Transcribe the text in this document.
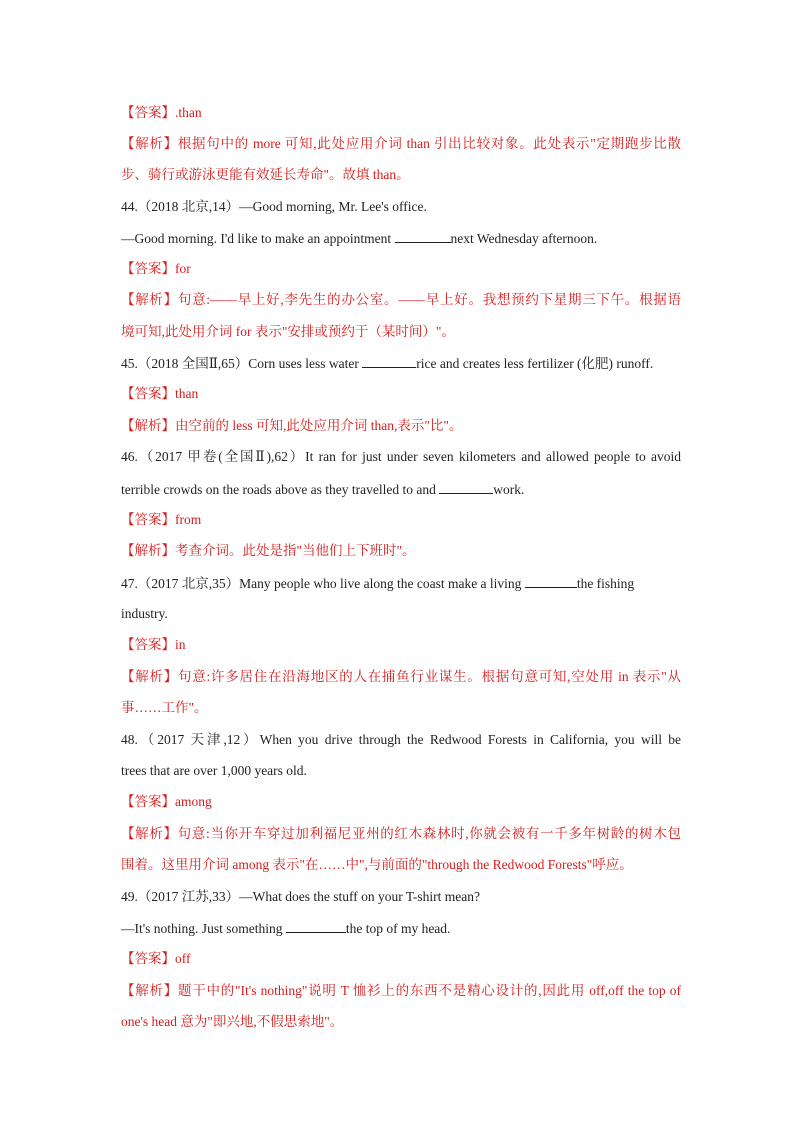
【答案】.than
【解析】根据句中的 more 可知,此处应用介词 than 引出比较对象。此处表示"定期跑步比散
步、骑行或游泳更能有效延长寿命"。故填 than。
44.（2018 北京,14）—Good morning, Mr. Lee's office.
—Good morning. I'd like to make an appointment	next Wednesday afternoon.
【答案】for
【解析】句意:——早上好,李先生的办公室。——早上好。我想预约下星期三下午。根据语
境可知,此处用介词 for 表示"安排或预约于（某时间）"。
45.（2018 全国Ⅱ,65）Corn uses less water	rice and creates less fertilizer (化肥) runoff.
【答案】than
【解析】由空前的 less 可知,此处应用介词 than,表示"比"。
46.（2017 甲卷(全国Ⅱ),62）It ran for just under seven kilometers and allowed people to avoid
terrible crowds on the roads above as they travelled to and	work.
【答案】from
【解析】考查介词。此处是指"当他们上下班时"。
47.（2017 北京,35）Many people who live along the coast make a living	the fishing
industry.
【答案】in
【解析】句意:许多居住在沿海地区的人在捕鱼行业谋生。根据句意可知,空处用 in 表示"从
事……工作"。
48.（2017 天津,12）When you drive through the Redwood Forests in California, you will be
trees that are over 1,000 years old.
【答案】among
【解析】句意:当你开车穿过加利福尼亚州的红木森林时,你就会被有一千多年树龄的树木包
围着。这里用介词 among 表示"在……中",与前面的"through the Redwood Forests"呼应。
49.（2017 江苏,33）—What does the stuff on your T-shirt mean?
—It's nothing. Just something	the top of my head.
【答案】off
【解析】题干中的"It's nothing"说明 T 恤衫上的东西不是精心设计的,因此用 off,off the top of
one's head 意为"即兴地,不假思索地"。
